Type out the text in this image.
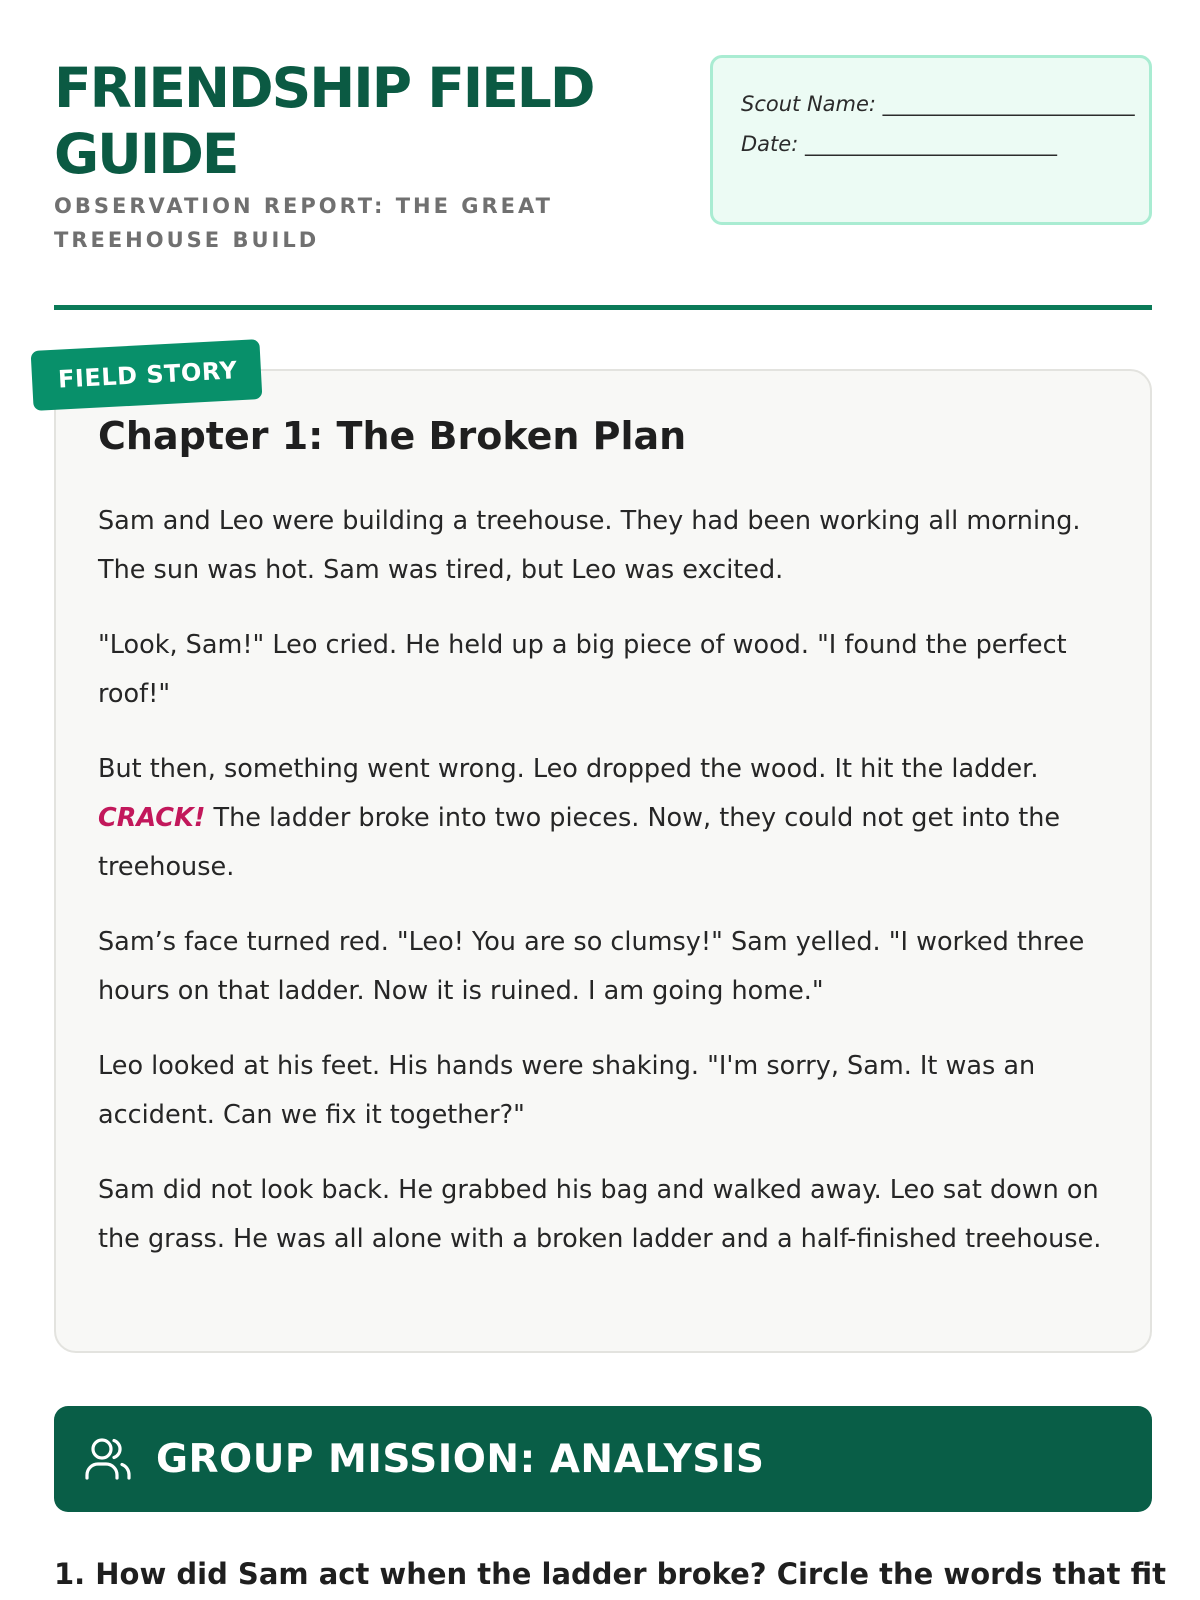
FRIENDSHIP FIELD
GUIDE

OBSERVATION REPORT: THE GREAT TREEHOUSE BUILD

Scout Name: ________________________
Date: ________________________
FIELD STORY
Chapter 1: The Broken Plan

Sam and Leo were building a treehouse. They had been working all morning. The sun was hot. Sam was tired, but Leo was excited.

"Look, Sam!" Leo cried. He held up a big piece of wood. "I found the perfect roof!"

But then, something went wrong. Leo dropped the wood. It hit the ladder. CRACK! The ladder broke into two pieces. Now, they could not get into the treehouse.

Sam’s face turned red. "Leo! You are so clumsy!" Sam yelled. "I worked three hours on that ladder. Now it is ruined. I am going home."

Leo looked at his feet. His hands were shaking. "I'm sorry, Sam. It was an accident. Can we fix it together?"

Sam did not look back. He grabbed his bag and walked away. Leo sat down on the grass. He was all alone with a broken ladder and a half-finished treehouse.

GROUP MISSION: ANALYSIS

1. How did Sam act when the ladder broke? Circle the words that fit
